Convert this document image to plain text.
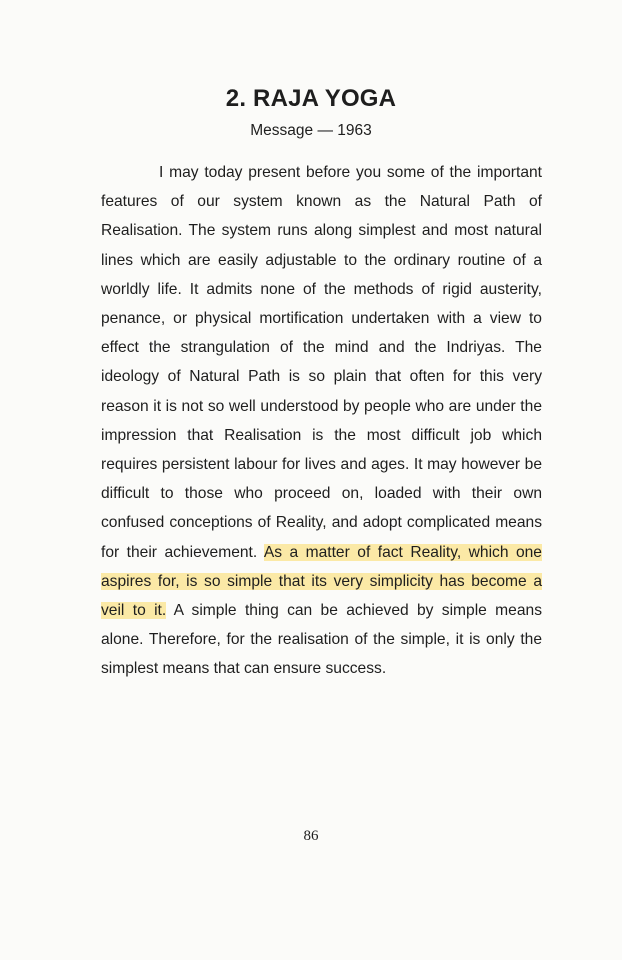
2. RAJA YOGA

Message — 1963

I may today present before you some of the important features of our system known as the Natural Path of Realisation. The system runs along simplest and most natural lines which are easily adjustable to the ordinary routine of a worldly life. It admits none of the methods of rigid austerity, penance, or physical mortification undertaken with a view to effect the strangulation of the mind and the Indriyas. The ideology of Natural Path is so plain that often for this very reason it is not so well understood by people who are under the impression that Realisation is the most difficult job which requires persistent labour for lives and ages. It may however be difficult to those who proceed on, loaded with their own confused conceptions of Reality, and adopt complicated means for their achievement. As a matter of fact Reality, which one aspires for, is so simple that its very simplicity has become a veil to it. A simple thing can be achieved by simple means alone. Therefore, for the realisation of the simple, it is only the simplest means that can ensure success.

86
